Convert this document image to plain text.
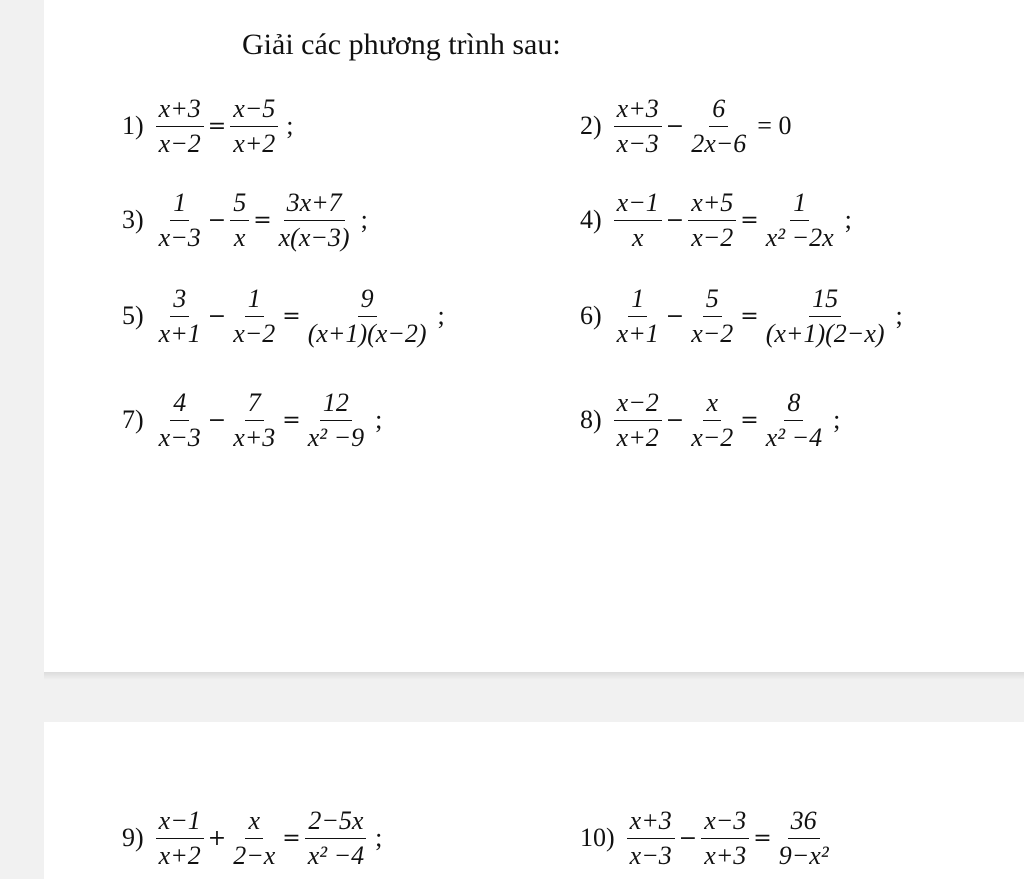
Giải các phương trình sau:
$1) \frac{x+3}{x-2} = \frac{x-5}{x+2}$ ;	$2) \frac{x+3}{x-3} - \frac{6}{2x-6} = 0$
$3) \frac{1}{x-3} - \frac{5}{x} = \frac{3x+7}{x(x-3)}$ ;	$4) \frac{x-1}{x} - \frac{x+5}{x-2} = \frac{1}{\text{x² −2x}}$ ;
$5) \frac{3}{x+1} - \frac{1}{x-2} = \frac{9}{(x+1)(x-2)}$ ;	$6) \frac{1}{x+1} - \frac{5}{x-2} = \frac{15}{(x+1)(2-x)}$ ;
$7) \frac{4}{x-3} - \frac{7}{x+3} = \frac{12}{\text{x² −9}}$ ;	$8) \frac{x-2}{x+2} - \frac{x}{x-2} = \frac{8}{\text{x² −4}}$ ;
$9) \frac{x-1}{x+2} + \frac{x}{2-x} = \frac{2-5x}{\text{x² −4}}$ ;	$10) \frac{x+3}{x-3} - \frac{x-3}{x+3} = \frac{36}{\text{9−x²}}$
